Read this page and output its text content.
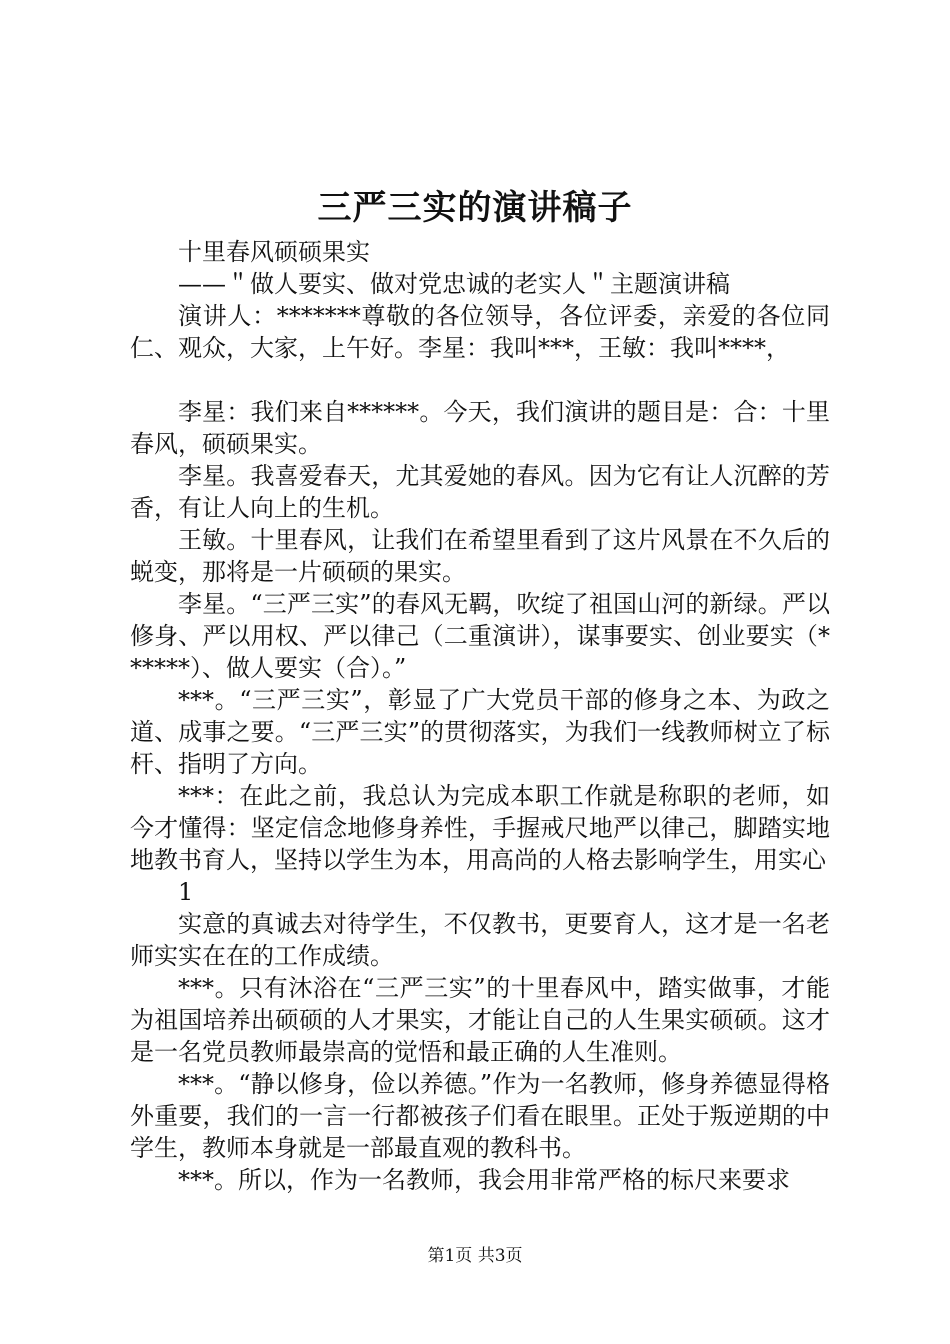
三严三实的演讲稿子

十里春风硕硕果实

——＂做人要实、做对党忠诚的老实人＂主题演讲稿

演讲人：*******尊敬的各位领导，各位评委，亲爱的各位同仁、观众，大家，上午好。李星：我叫***，王敏：我叫****，

李星：我们来自******。今天，我们演讲的题目是：合：十里春风，硕硕果实。

李星。我喜爱春天，尤其爱她的春风。因为它有让人沉醉的芳香，有让人向上的生机。

王敏。十里春风，让我们在希望里看到了这片风景在不久后的蜕变，那将是一片硕硕的果实。

李星。“三严三实”的春风无羁，吹绽了祖国山河的新绿。严以修身、严以用权、严以律己（二重演讲），谋事要实、创业要实（******）、做人要实（合）。”

***。“三严三实”，彰显了广大党员干部的修身之本、为政之道、成事之要。“三严三实”的贯彻落实，为我们一线教师树立了标杆、指明了方向。

***：在此之前，我总认为完成本职工作就是称职的老师，如今才懂得：坚定信念地修身养性，手握戒尺地严以律己，脚踏实地地教书育人，坚持以学生为本，用高尚的人格去影响学生，用实心

1

实意的真诚去对待学生，不仅教书，更要育人，这才是一名老师实实在在的工作成绩。

***。只有沐浴在“三严三实”的十里春风中，踏实做事，才能为祖国培养出硕硕的人才果实，才能让自己的人生果实硕硕。这才是一名党员教师最崇高的觉悟和最正确的人生准则。

***。“静以修身，俭以养德。”作为一名教师，修身养德显得格外重要，我们的一言一行都被孩子们看在眼里。正处于叛逆期的中学生，教师本身就是一部最直观的教科书。

***。所以，作为一名教师，我会用非常严格的标尺来要求

第1页 共3页
